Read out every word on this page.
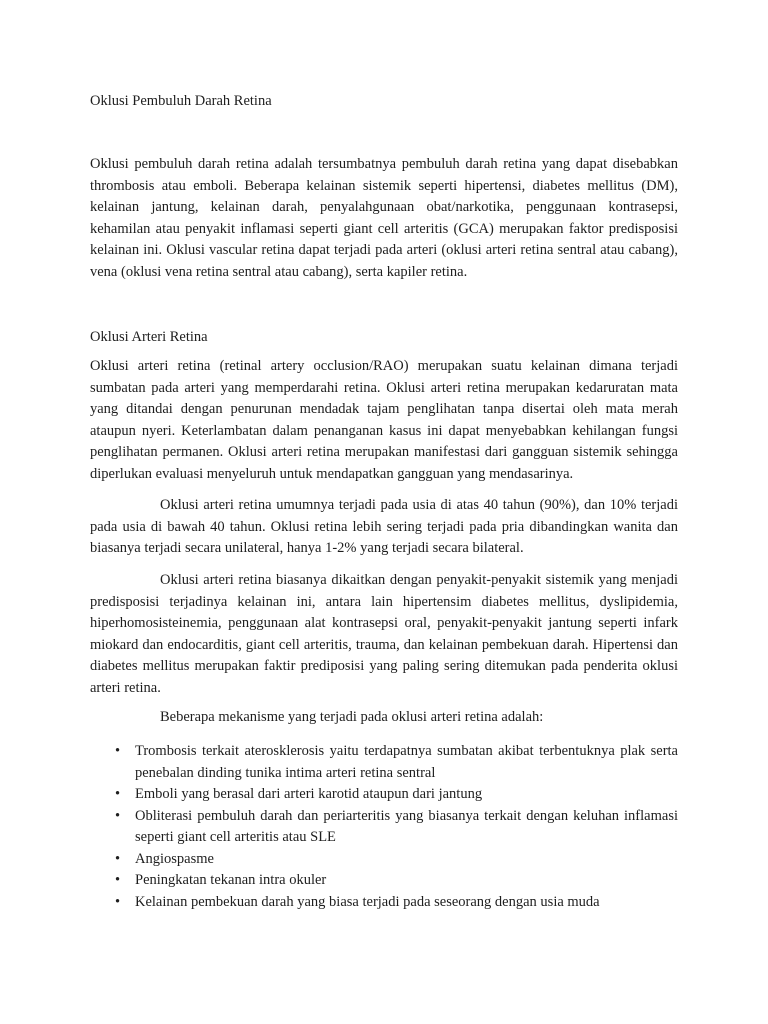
Oklusi Pembuluh Darah Retina

Oklusi pembuluh darah retina adalah tersumbatnya pembuluh darah retina yang dapat disebabkan thrombosis atau emboli. Beberapa kelainan sistemik seperti hipertensi, diabetes mellitus (DM), kelainan jantung, kelainan darah, penyalahgunaan obat/narkotika, penggunaan kontrasepsi, kehamilan atau penyakit inflamasi seperti giant cell arteritis (GCA) merupakan faktor predisposisi kelainan ini. Oklusi vascular retina dapat terjadi pada arteri (oklusi arteri retina sentral atau cabang), vena (oklusi vena retina sentral atau cabang), serta kapiler retina.

Oklusi Arteri Retina

Oklusi arteri retina (retinal artery occlusion/RAO) merupakan suatu kelainan dimana terjadi sumbatan pada arteri yang memperdarahi retina. Oklusi arteri retina merupakan kedaruratan mata yang ditandai dengan penurunan mendadak tajam penglihatan tanpa disertai oleh mata merah ataupun nyeri. Keterlambatan dalam penanganan kasus ini dapat menyebabkan kehilangan fungsi penglihatan permanen. Oklusi arteri retina merupakan manifestasi dari gangguan sistemik sehingga diperlukan evaluasi menyeluruh untuk mendapatkan gangguan yang mendasarinya.

Oklusi arteri retina umumnya terjadi pada usia di atas 40 tahun (90%), dan 10% terjadi pada usia di bawah 40 tahun. Oklusi retina lebih sering terjadi pada pria dibandingkan wanita dan biasanya terjadi secara unilateral, hanya 1-2% yang terjadi secara bilateral.

Oklusi arteri retina biasanya dikaitkan dengan penyakit-penyakit sistemik yang menjadi predisposisi terjadinya kelainan ini, antara lain hipertensim diabetes mellitus, dyslipidemia, hiperhomosisteinemia, penggunaan alat kontrasepsi oral, penyakit-penyakit jantung seperti infark miokard dan endocarditis, giant cell arteritis, trauma, dan kelainan pembekuan darah. Hipertensi dan diabetes mellitus merupakan faktir prediposisi yang paling sering ditemukan pada penderita oklusi arteri retina.

Beberapa mekanisme yang terjadi pada oklusi arteri retina adalah:

• Trombosis terkait aterosklerosis yaitu terdapatnya sumbatan akibat terbentuknya plak serta penebalan dinding tunika intima arteri retina sentral
• Emboli yang berasal dari arteri karotid ataupun dari jantung
• Obliterasi pembuluh darah dan periarteritis yang biasanya terkait dengan keluhan inflamasi seperti giant cell arteritis atau SLE
• Angiospasme
• Peningkatan tekanan intra okuler
• Kelainan pembekuan darah yang biasa terjadi pada seseorang dengan usia muda
